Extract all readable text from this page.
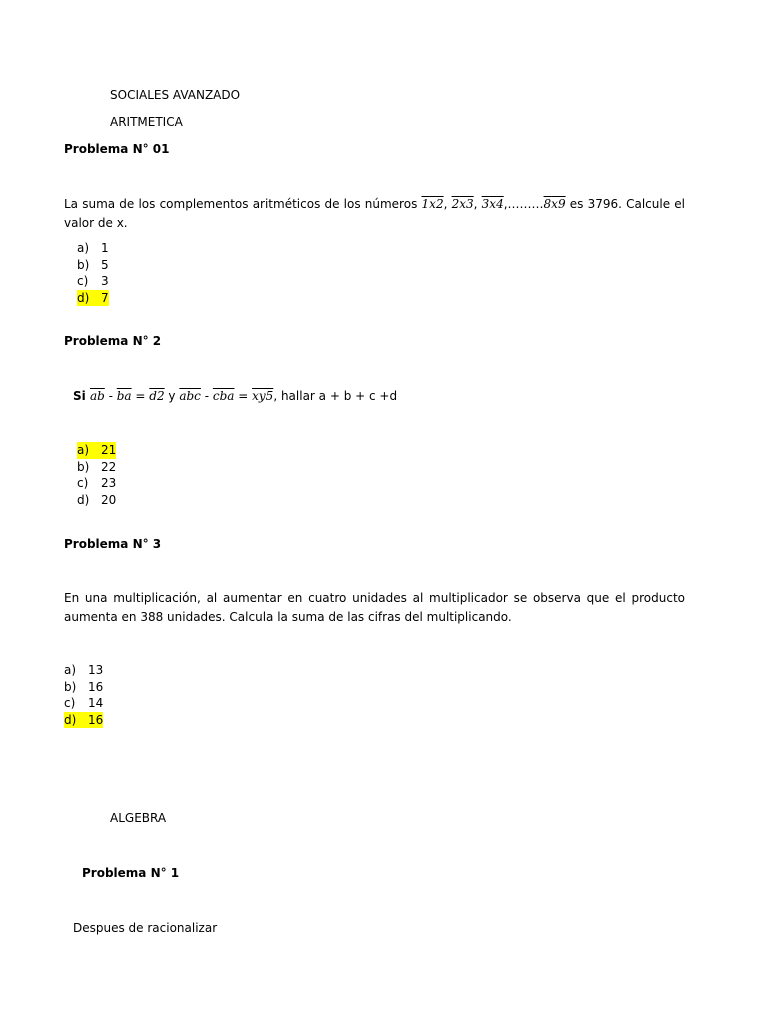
SOCIALES AVANZADO
ARITMETICA
Problema N° 01
La suma de los complementos aritméticos de los números 1x2, 2x3, 3x4,………8x9 es 3796. Calcule el valor de x.
a) 1
b) 5
c) 3
d) 7
Problema N° 2
Si $\overline{ab} - \overline{ba} = d2$ y $\overline{abc} - \overline{cba} = xy5$, hallar a + b + c +d
a) 21
b) 22
c) 23
d) 20
Problema N° 3
En una multiplicación, al aumentar en cuatro unidades al multiplicador se observa que el producto aumenta en 388 unidades. Calcula la suma de las cifras del multiplicando.
a) 13
b) 16
c) 14
d) 16
ALGEBRA
Problema N° 1
Despues de racionalizar
